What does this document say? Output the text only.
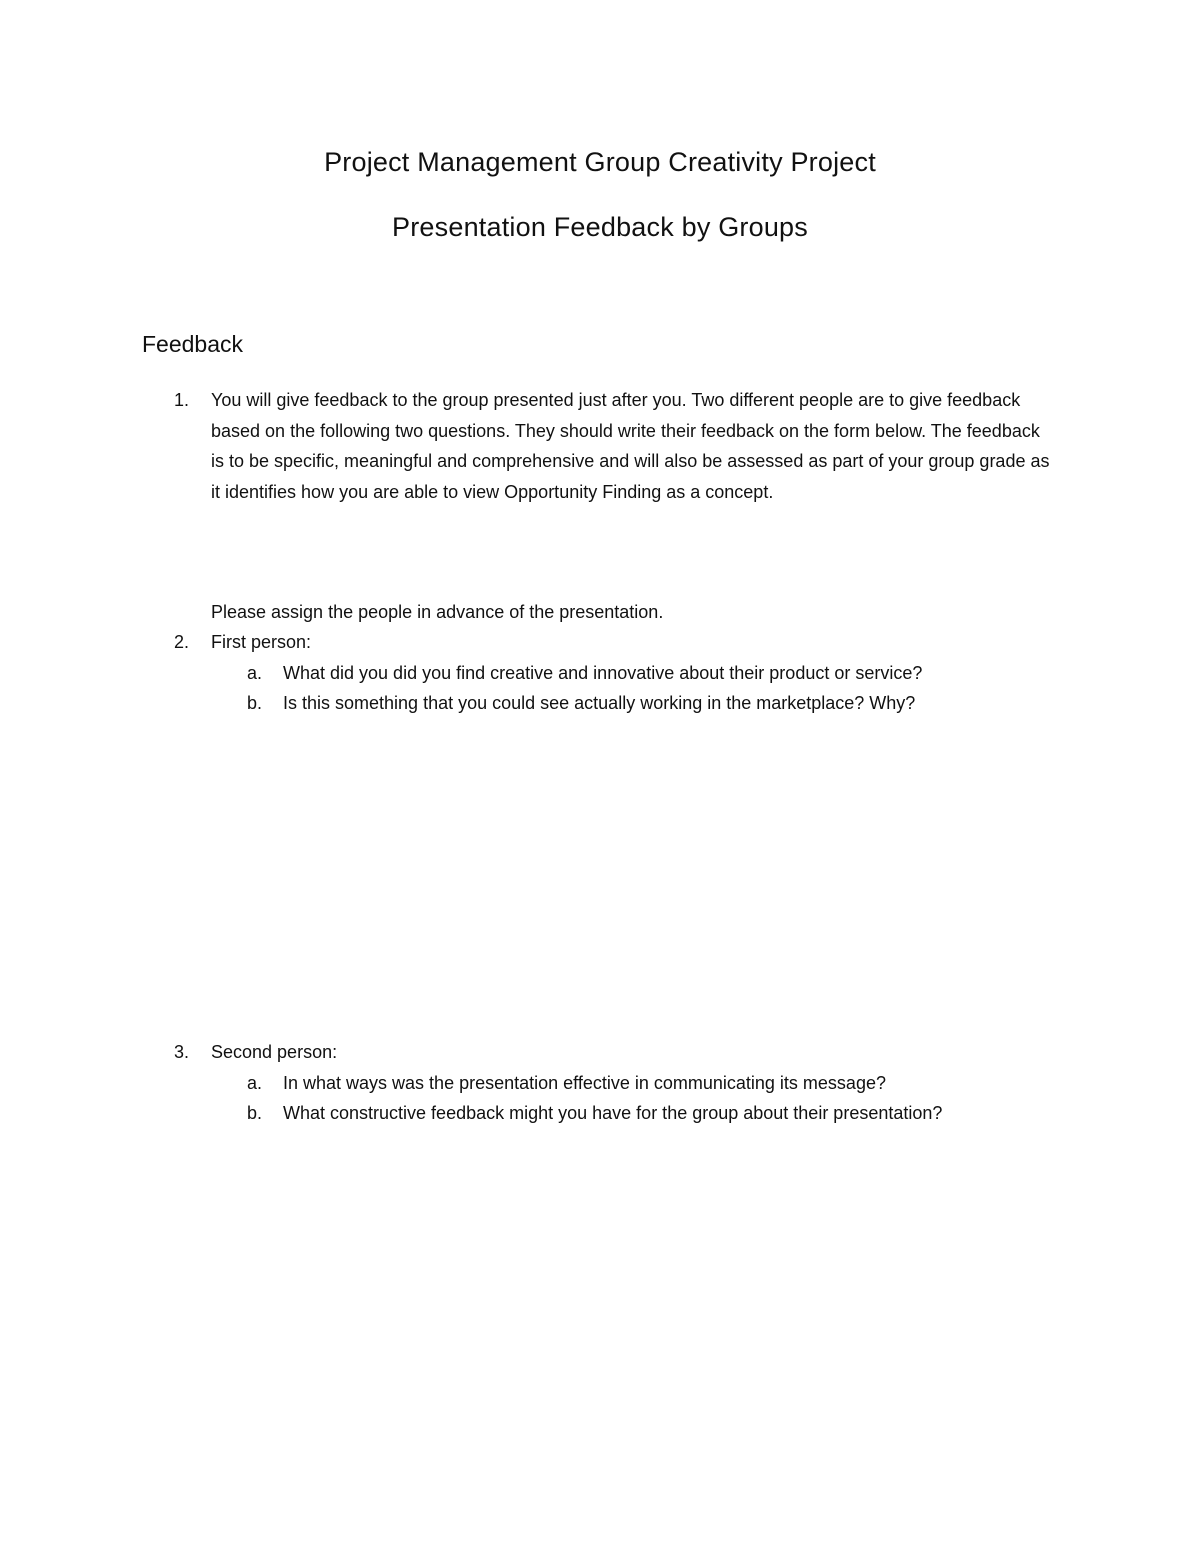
Project Management Group Creativity Project
Presentation Feedback by Groups
Feedback
1.	You will give feedback to the group presented just after you. Two different people are to give feedback based on the following two questions. They should write their feedback on the form below. The feedback is to be specific, meaningful and comprehensive and will also be assessed as part of your group grade as it identifies how you are able to view Opportunity Finding as a concept.
Please assign the people in advance of the presentation.
2.	First person:
a. What did you did you find creative and innovative about their product or service?
b. Is this something that you could see actually working in the marketplace? Why?
3.	Second person:
a. In what ways was the presentation effective in communicating its message?
b. What constructive feedback might you have for the group about their presentation?
